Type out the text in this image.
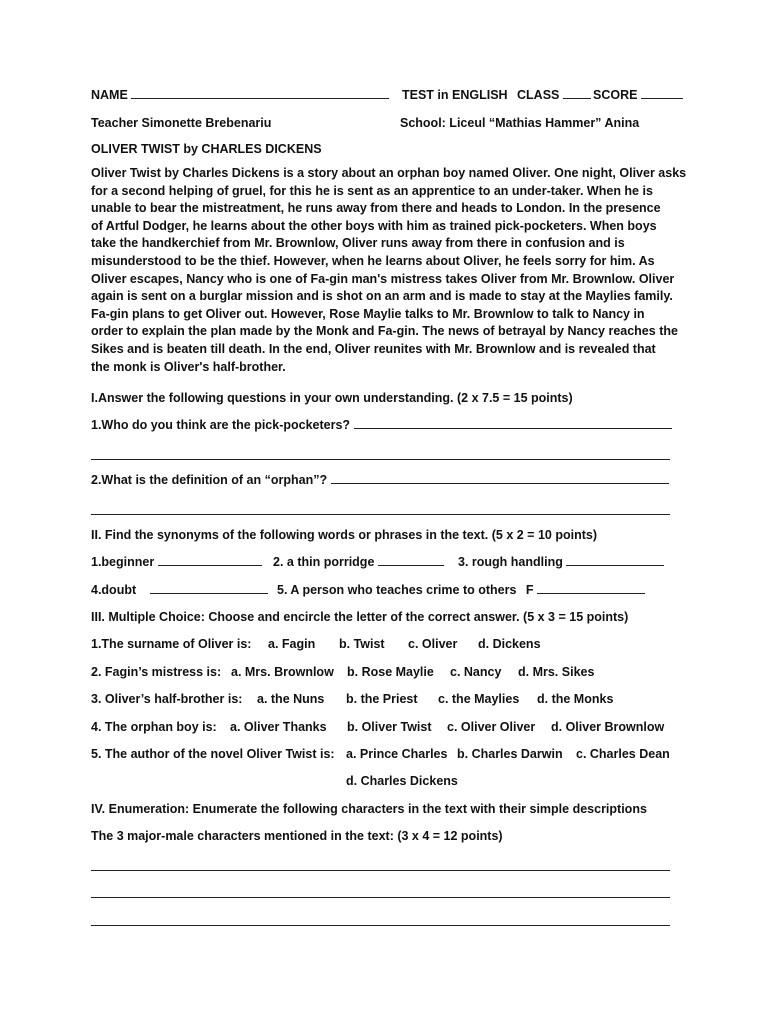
NAME	TEST in ENGLISH CLASS	SCORE
Teacher Simonette Brebenariu	School: Liceul “Mathias Hammer” Anina
OLIVER TWIST by CHARLES DICKENS
Oliver Twist by Charles Dickens is a story about an orphan boy named Oliver. One night, Oliver asks
for a second helping of gruel, for this he is sent as an apprentice to an under-taker. When he is
unable to bear the mistreatment, he runs away from there and heads to London. In the presence
of Artful Dodger, he learns about the other boys with him as trained pick-pocketers. When boys
take the handkerchief from Mr. Brownlow, Oliver runs away from there in confusion and is
misunderstood to be the thief. However, when he learns about Oliver, he feels sorry for him. As
Oliver escapes, Nancy who is one of Fa-gin man's mistress takes Oliver from Mr. Brownlow. Oliver
again is sent on a burglar mission and is shot on an arm and is made to stay at the Maylies family.
Fa-gin plans to get Oliver out. However, Rose Maylie talks to Mr. Brownlow to talk to Nancy in
order to explain the plan made by the Monk and Fa-gin. The news of betrayal by Nancy reaches the
Sikes and is beaten till death. In the end, Oliver reunites with Mr. Brownlow and is revealed that
the monk is Oliver's half-brother.
I.Answer the following questions in your own understanding. (2 x 7.5 = 15 points)
1.Who do you think are the pick-pocketers?
2.What is the definition of an “orphan”?
II. Find the synonyms of the following words or phrases in the text. (5 x 2 = 10 points)
1.beginner	2. a thin porridge	3. rough handling
4.doubt	5. A person who teaches crime to others F
III. Multiple Choice: Choose and encircle the letter of the correct answer. (5 x 3 = 15 points)
1.The surname of Oliver is: a. Fagin b. Twist c. Oliver d. Dickens
2. Fagin’s mistress is: a. Mrs. Brownlow b. Rose Maylie c. Nancy d. Mrs. Sikes
3. Oliver’s half-brother is: a. the Nuns b. the Priest c. the Maylies d. the Monks
4. The orphan boy is: a. Oliver Thanks b. Oliver Twist c. Oliver Oliver d. Oliver Brownlow
5. The author of the novel Oliver Twist is: a. Prince Charles b. Charles Darwin c. Charles Dean
d. Charles Dickens
IV. Enumeration: Enumerate the following characters in the text with their simple descriptions
The 3 major-male characters mentioned in the text: (3 x 4 = 12 points)
